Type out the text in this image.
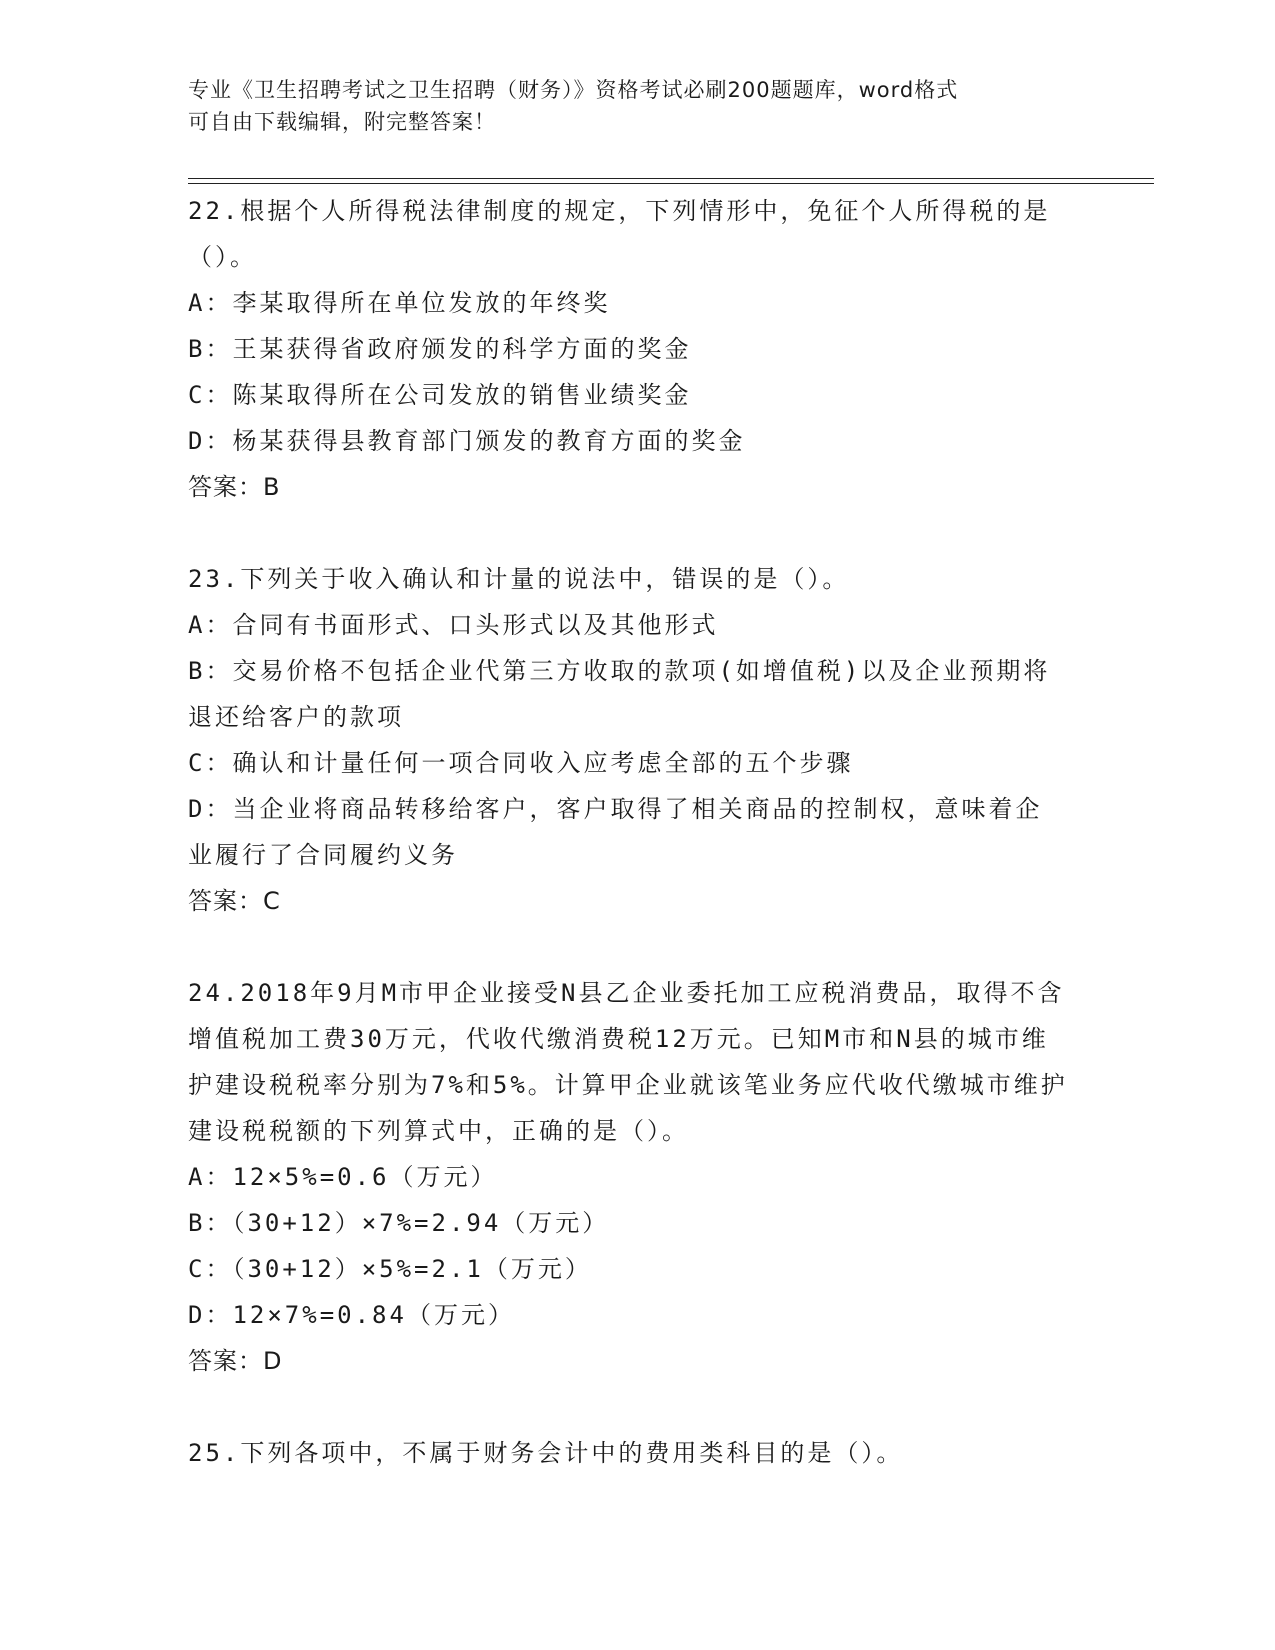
专业《卫生招聘考试之卫生招聘（财务）》资格考试必刷200题题库，word格式
可自由下载编辑，附完整答案！

22.根据个人所得税法律制度的规定，下列情形中，免征个人所得税的是（）。

A：李某取得所在单位发放的年终奖

B：王某获得省政府颁发的科学方面的奖金

C：陈某取得所在公司发放的销售业绩奖金

D：杨某获得县教育部门颁发的教育方面的奖金

答案：B

23.下列关于收入确认和计量的说法中，错误的是（）。

A：合同有书面形式、口头形式以及其他形式

B：交易价格不包括企业代第三方收取的款项(如增值税)以及企业预期将退还给客户的款项

C：确认和计量任何一项合同收入应考虑全部的五个步骤

D：当企业将商品转移给客户，客户取得了相关商品的控制权，意味着企业履行了合同履约义务

答案：C

24.2018年9月M市甲企业接受N县乙企业委托加工应税消费品，取得不含增值税加工费30万元，代收代缴消费税12万元。已知M市和N县的城市维护建设税税率分别为7%和5%。计算甲企业就该笔业务应代收代缴城市维护建设税税额的下列算式中，正确的是（）。

A：12×5%=0.6（万元）

B：（30+12）×7%=2.94（万元）

C：（30+12）×5%=2.1（万元）

D：12×7%=0.84（万元）

答案：D

25.下列各项中，不属于财务会计中的费用类科目的是（）。
